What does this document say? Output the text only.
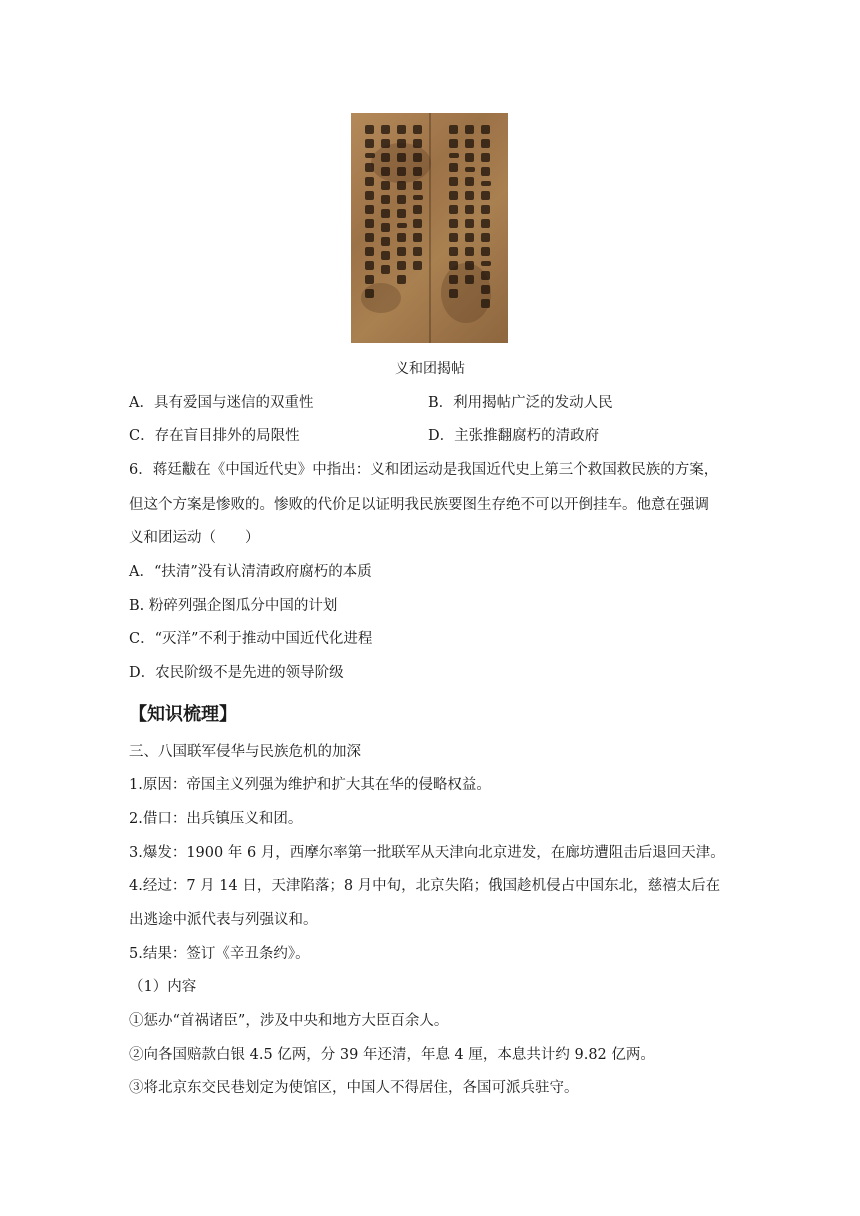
义和团揭帖
A．具有爱国与迷信的双重性	B．利用揭帖广泛的发动人民
C．存在盲目排外的局限性	D．主张推翻腐朽的清政府
6．蒋廷黻在《中国近代史》中指出：义和团运动是我国近代史上第三个救国救民族的方案，
但这个方案是惨败的。惨败的代价足以证明我民族要图生存绝不可以开倒挂车。他意在强调
义和团运动（　　）
A．“扶清”没有认清清政府腐朽的本质
B. 粉碎列强企图瓜分中国的计划
C．“灭洋”不利于推动中国近代化进程
D．农民阶级不是先进的领导阶级
【知识梳理】
三、八国联军侵华与民族危机的加深
1.原因：帝国主义列强为维护和扩大其在华的侵略权益。
2.借口：出兵镇压义和团。
3.爆发：1900 年 6 月，西摩尔率第一批联军从天津向北京进发，在廊坊遭阻击后退回天津。
4.经过：7 月 14 日，天津陷落；8 月中旬，北京失陷；俄国趁机侵占中国东北，慈禧太后在
出逃途中派代表与列强议和。
5.结果：签订《辛丑条约》。
（1）内容
①惩办“首祸诸臣”，涉及中央和地方大臣百余人。
②向各国赔款白银 4.5 亿两，分 39 年还清，年息 4 厘，本息共计约 9.82 亿两。
③将北京东交民巷划定为使馆区，中国人不得居住，各国可派兵驻守。
